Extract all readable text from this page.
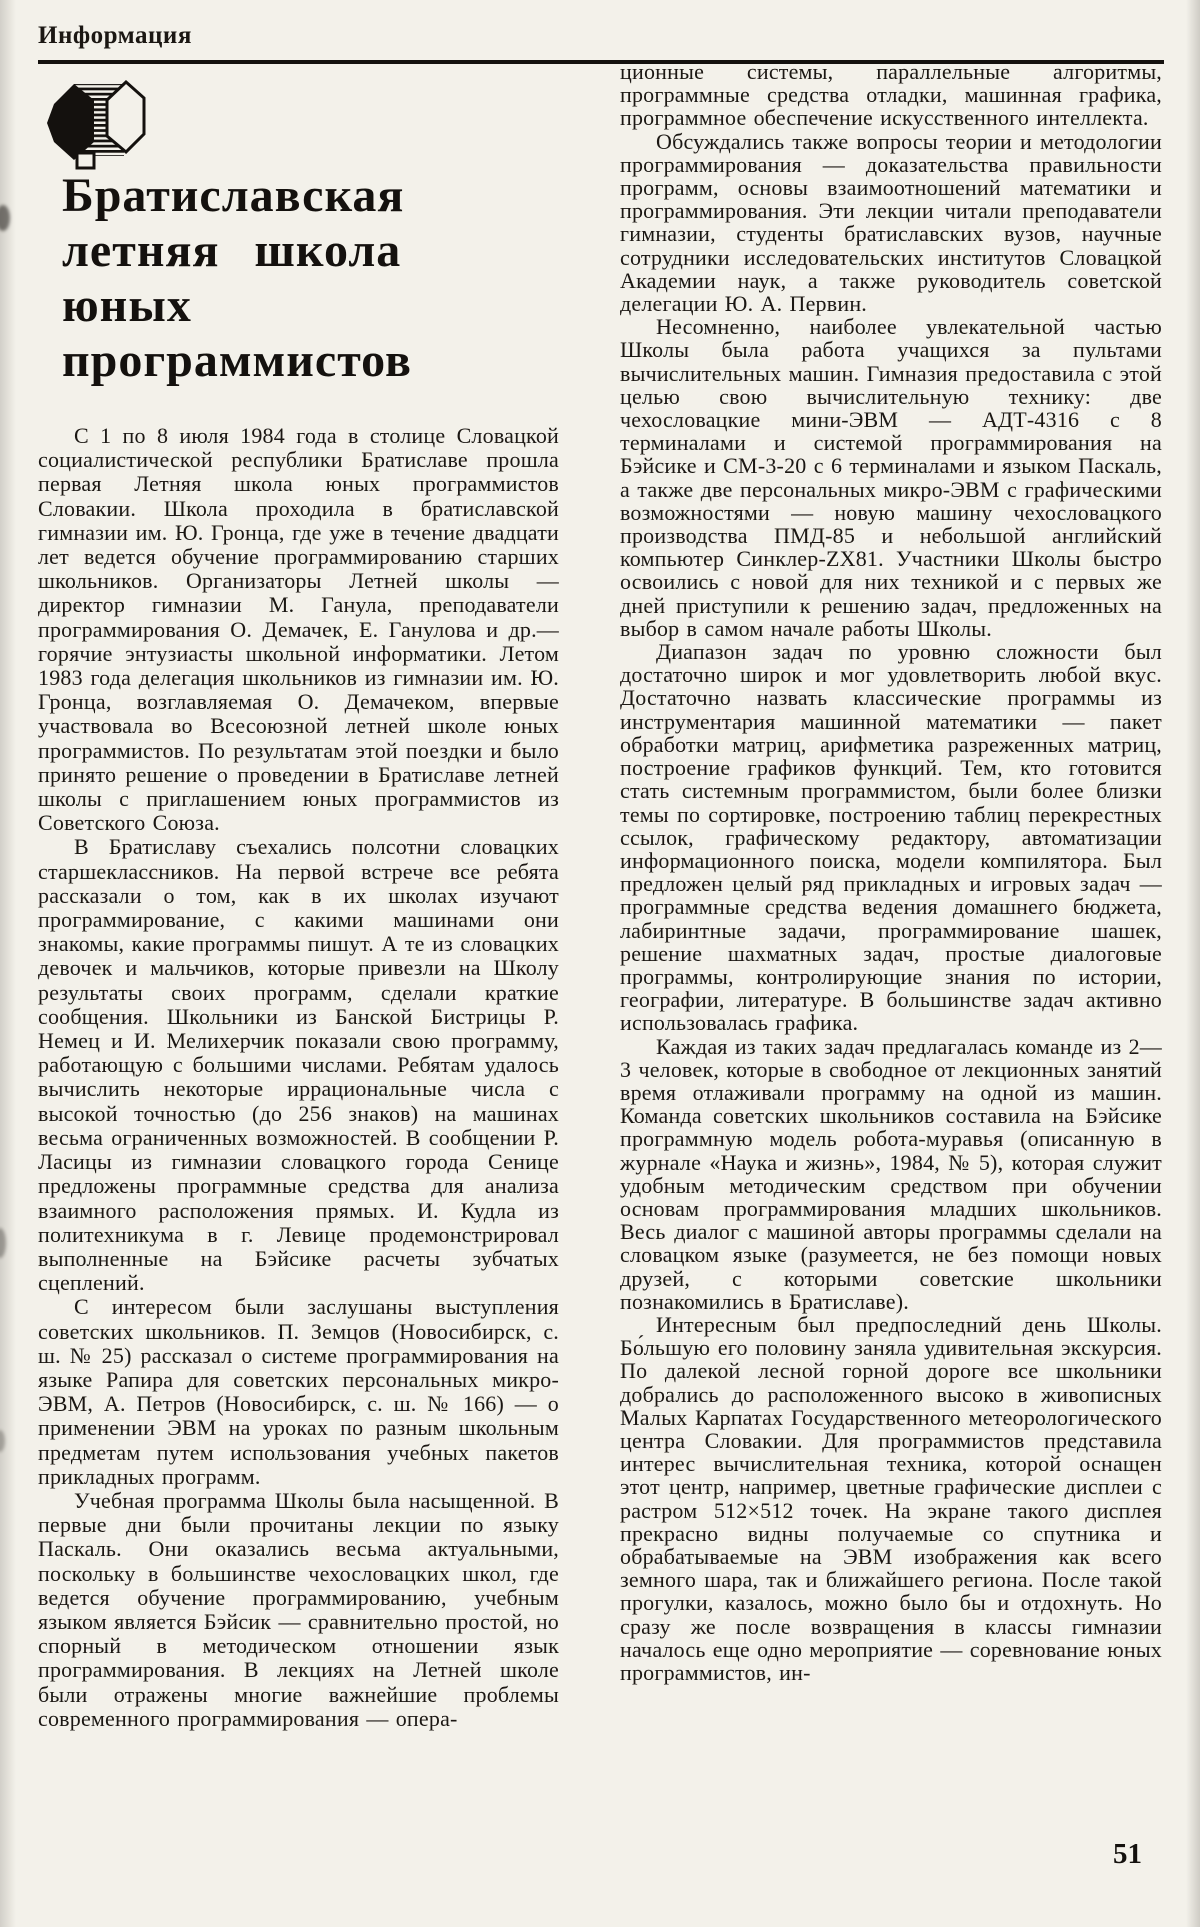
Информация
Братиславская
летняя школа
юных
программистов

С 1 по 8 июля 1984 года в столице Словацкой социалистической республики Братиславе прошла первая Летняя школа юных программистов Словакии. Школа проходила в братиславской гимназии им. Ю. Гронца, где уже в течение двадцати лет ведется обучение программированию старших школьников. Организаторы Летней школы — директор гимназии М. Ганула, преподаватели программирования О. Демачек, Е. Ганулова и др.— горячие энтузиасты школьной информатики. Летом 1983 года делегация школьников из гимназии им. Ю. Гронца, возглавляемая О. Демачеком, впервые участвовала во Всесоюзной летней школе юных программистов. По результатам этой поездки и было принято решение о проведении в Братиславе летней школы с приглашением юных программистов из Советского Союза.

В Братиславу съехались полсотни словацких старшеклассников. На первой встрече все ребята рассказали о том, как в их школах изучают программирование, с какими машинами они знакомы, какие программы пишут. А те из словацких девочек и мальчиков, которые привезли на Школу результаты своих программ, сделали краткие сообщения. Школьники из Банской Бистрицы Р. Немец и И. Мелихерчик показали свою программу, работающую с большими числами. Ребятам удалось вычислить некоторые иррациональные числа с высокой точностью (до 256 знаков) на машинах весьма ограниченных возможностей. В сообщении Р. Ласицы из гимназии словацкого города Сенице предложены программные средства для анализа взаимного расположения прямых. И. Кудла из политехникума в г. Левице продемонстрировал выполненные на Бэйсике расчеты зубчатых сцеплений.

С интересом были заслушаны выступления советских школьников. П. Земцов (Новосибирск, с. ш. № 25) рассказал о системе программирования на языке Рапира для советских персональных микро-ЭВМ, А. Петров (Новосибирск, с. ш. № 166) — о применении ЭВМ на уроках по разным школьным предметам путем использования учебных пакетов прикладных программ.

Учебная программа Школы была насыщенной. В первые дни были прочитаны лекции по языку Паскаль. Они оказались весьма актуальными, поскольку в большинстве чехословацких школ, где ведется обучение программированию, учебным языком является Бэйсик — сравнительно простой, но спорный в методическом отношении язык программирования. В лекциях на Летней школе были отражены многие важнейшие проблемы современного программирования — опера-

ционные системы, параллельные алгоритмы, программные средства отладки, машинная графика, программное обеспечение искусственного интеллекта.

Обсуждались также вопросы теории и методологии программирования — доказательства правильности программ, основы взаимоотношений математики и программирования. Эти лекции читали преподаватели гимназии, студенты братиславских вузов, научные сотрудники исследовательских институтов Словацкой Академии наук, а также руководитель советской делегации Ю. А. Первин.

Несомненно, наиболее увлекательной частью Школы была работа учащихся за пультами вычислительных машин. Гимназия предоставила с этой целью свою вычислительную технику: две чехословацкие мини-ЭВМ — АДТ-4316 с 8 терминалами и системой программирования на Бэйсике и СМ-3-20 с 6 терминалами и языком Паскаль, а также две персональных микро-ЭВМ с графическими возможностями — новую машину чехословацкого производства ПМД-85 и небольшой английский компьютер Синклер-ZX81. Участники Школы быстро освоились с новой для них техникой и с первых же дней приступили к решению задач, предложенных на выбор в самом начале работы Школы.

Диапазон задач по уровню сложности был достаточно широк и мог удовлетворить любой вкус. Достаточно назвать классические программы из инструментария машинной математики — пакет обработки матриц, арифметика разреженных матриц, построение графиков функций. Тем, кто готовится стать системным программистом, были более близки темы по сортировке, построению таблиц перекрестных ссылок, графическому редактору, автоматизации информационного поиска, модели компилятора. Был предложен целый ряд прикладных и игровых задач — программные средства ведения домашнего бюджета, лабиринтные задачи, программирование шашек, решение шахматных задач, простые диалоговые программы, контролирующие знания по истории, географии, литературе. В большинстве задач активно использовалась графика.

Каждая из таких задач предлагалась команде из 2—3 человек, которые в свободное от лекционных занятий время отлаживали программу на одной из машин. Команда советских школьников составила на Бэйсике программную модель робота-муравья (описанную в журнале «Наука и жизнь», 1984, № 5), которая служит удобным методическим средством при обучении основам программирования младших школьников. Весь диалог с машиной авторы программы сделали на словацком языке (разумеется, не без помощи новых друзей, с которыми советские школьники познакомились в Братиславе).

Интересным был предпоследний день Школы. Бо́льшую его половину заняла удивительная экскурсия. По далекой лесной горной дороге все школьники добрались до расположенного высоко в живописных Малых Карпатах Государственного метеорологического центра Словакии. Для программистов представила интерес вычислительная техника, которой оснащен этот центр, например, цветные графические дисплеи с растром 512×512 точек. На экране такого дисплея прекрасно видны получаемые со спутника и обрабатываемые на ЭВМ изображения как всего земного шара, так и ближайшего региона. После такой прогулки, казалось, можно было бы и отдохнуть. Но сразу же после возвращения в классы гимназии началось еще одно мероприятие — соревнование юных программистов, ин-

51
